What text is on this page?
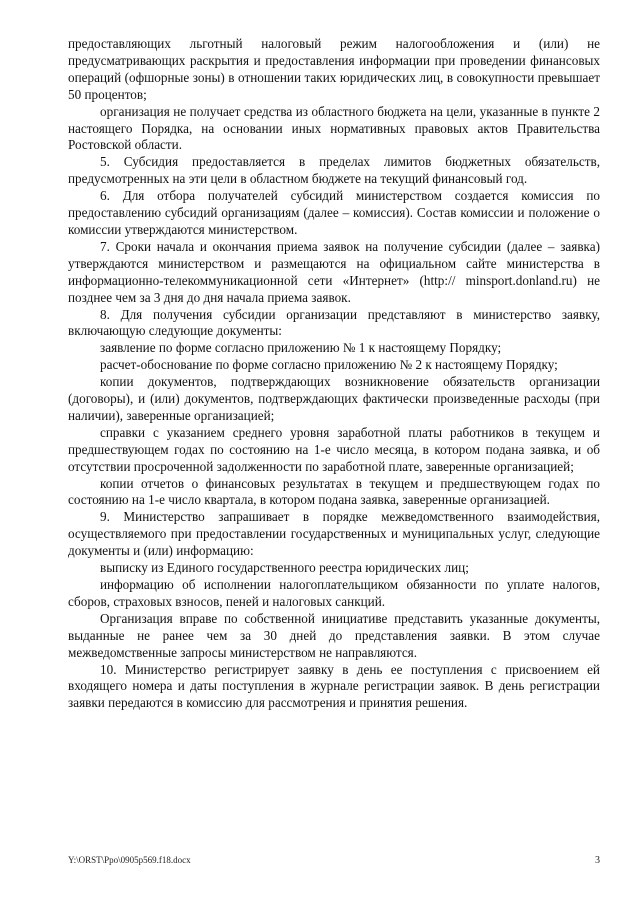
предоставляющих льготный налоговый режим налогообложения и (или) не предусматривающих раскрытия и предоставления информации при проведении финансовых операций (офшорные зоны) в отношении таких юридических лиц, в совокупности превышает 50 процентов;

организация не получает средства из областного бюджета на цели, указанные в пункте 2 настоящего Порядка, на основании иных нормативных правовых актов Правительства Ростовской области.

5. Субсидия предоставляется в пределах лимитов бюджетных обязательств, предусмотренных на эти цели в областном бюджете на текущий финансовый год.

6. Для отбора получателей субсидий министерством создается комиссия по предоставлению субсидий организациям (далее – комиссия). Состав комиссии и положение о комиссии утверждаются министерством.

7. Сроки начала и окончания приема заявок на получение субсидии (далее – заявка) утверждаются министерством и размещаются на официальном сайте министерства в информационно-телекоммуникационной сети «Интернет» (http:// minsport.donland.ru) не позднее чем за 3 дня до дня начала приема заявок.

8. Для получения субсидии организации представляют в министерство заявку, включающую следующие документы:

заявление по форме согласно приложению № 1 к настоящему Порядку;

расчет-обоснование по форме согласно приложению № 2 к настоящему Порядку;

копии документов, подтверждающих возникновение обязательств организации (договоры), и (или) документов, подтверждающих фактически произведенные расходы (при наличии), заверенные организацией;

справки с указанием среднего уровня заработной платы работников в текущем и предшествующем годах по состоянию на 1-е число месяца, в котором подана заявка, и об отсутствии просроченной задолженности по заработной плате, заверенные организацией;

копии отчетов о финансовых результатах в текущем и предшествующем годах по состоянию на 1-е число квартала, в котором подана заявка, заверенные организацией.

9. Министерство запрашивает в порядке межведомственного взаимодействия, осуществляемого при предоставлении государственных и муниципальных услуг, следующие документы и (или) информацию:

выписку из Единого государственного реестра юридических лиц;

информацию об исполнении налогоплательщиком обязанности по уплате налогов, сборов, страховых взносов, пеней и налоговых санкций.

Организация вправе по собственной инициативе представить указанные документы, выданные не ранее чем за 30 дней до представления заявки. В этом случае межведомственные запросы министерством не направляются.

10. Министерство регистрирует заявку в день ее поступления с присвоением ей входящего номера и даты поступления в журнале регистрации заявок. В день регистрации заявки передаются в комиссию для рассмотрения и принятия решения.

Y:\ORST\Ppo\0905p569.f18.docx	3
